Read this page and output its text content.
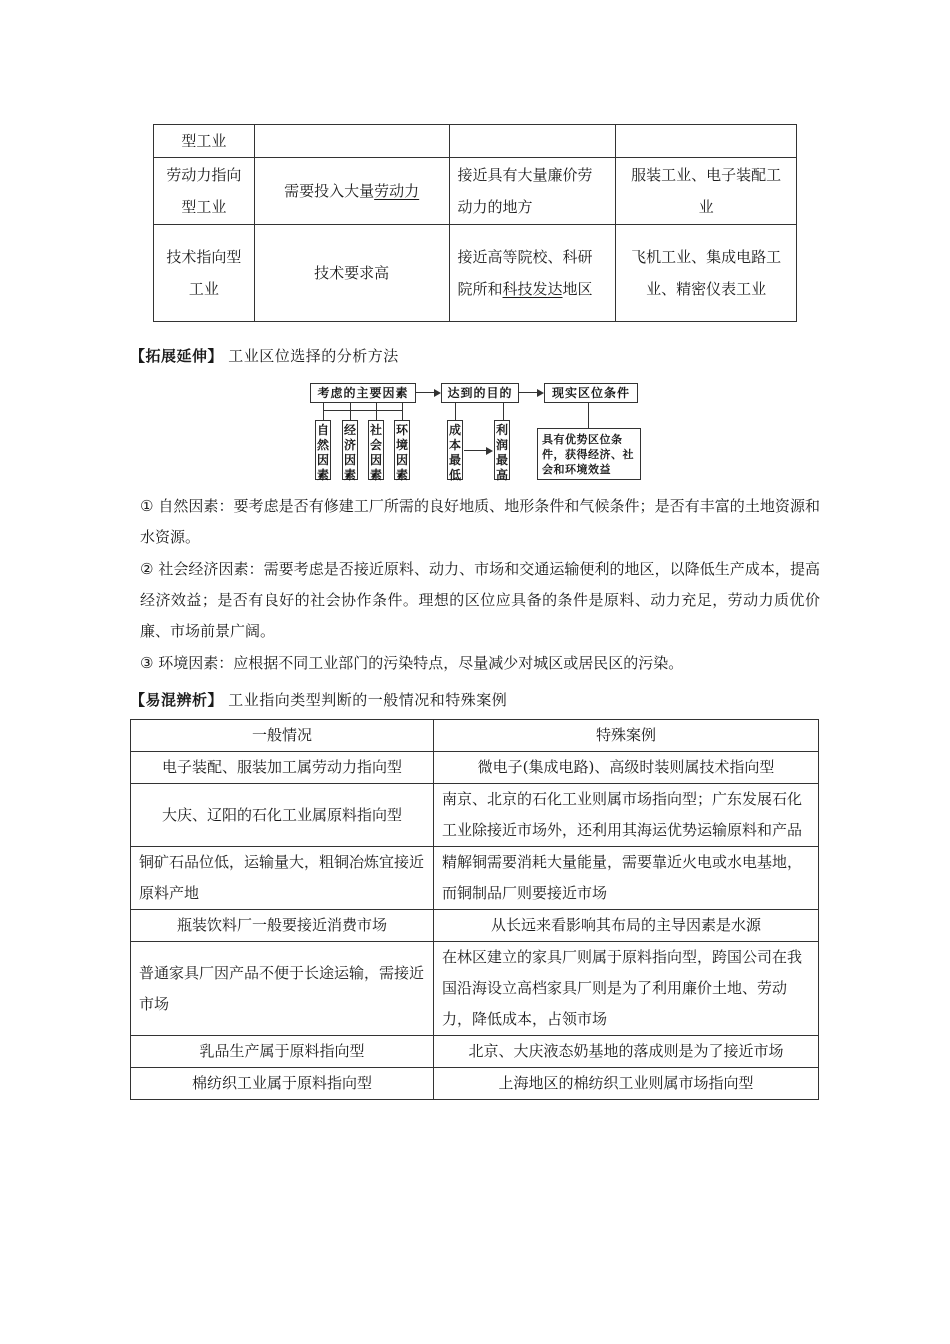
型工业			
劳动力指向型工业	需要投入大量劳动力	接近具有大量廉价劳动力的地方	服装工业、电子装配工业
技术指向型工业	技术要求高	接近高等院校、科研院所和科技发达地区	飞机工业、集成电路工业、精密仪表工业
【拓展延伸】 工业区位选择的分析方法
考虑的主要因素	达到的目的	现实区位条件
自然因素
经济因素
社会因素
环境因素
成本最低
利润最高
具有优势区位条件，获得经济、社会和环境效益
① 自然因素：要考虑是否有修建工厂所需的良好地质、地形条件和气候条件；是否有丰富的土地资源和水资源。
② 社会经济因素：需要考虑是否接近原料、动力、市场和交通运输便利的地区，以降低生产成本，提高经济效益；是否有良好的社会协作条件。理想的区位应具备的条件是原料、动力充足，劳动力质优价廉、市场前景广阔。
③ 环境因素：应根据不同工业部门的污染特点，尽量减少对城区或居民区的污染。
【易混辨析】 工业指向类型判断的一般情况和特殊案例
一般情况	特殊案例
电子装配、服装加工属劳动力指向型	微电子(集成电路)、高级时装则属技术指向型
大庆、辽阳的石化工业属原料指向型	南京、北京的石化工业则属市场指向型；广东发展石化工业除接近市场外，还利用其海运优势运输原料和产品
铜矿石品位低，运输量大，粗铜冶炼宜接近原料产地	精解铜需要消耗大量能量，需要靠近火电或水电基地，而铜制品厂则要接近市场
瓶装饮料厂一般要接近消费市场	从长远来看影响其布局的主导因素是水源
普通家具厂因产品不便于长途运输，需接近市场	在林区建立的家具厂则属于原料指向型，跨国公司在我国沿海设立高档家具厂则是为了利用廉价土地、劳动力，降低成本，占领市场
乳品生产属于原料指向型	北京、大庆液态奶基地的落成则是为了接近市场
棉纺织工业属于原料指向型	上海地区的棉纺织工业则属市场指向型
